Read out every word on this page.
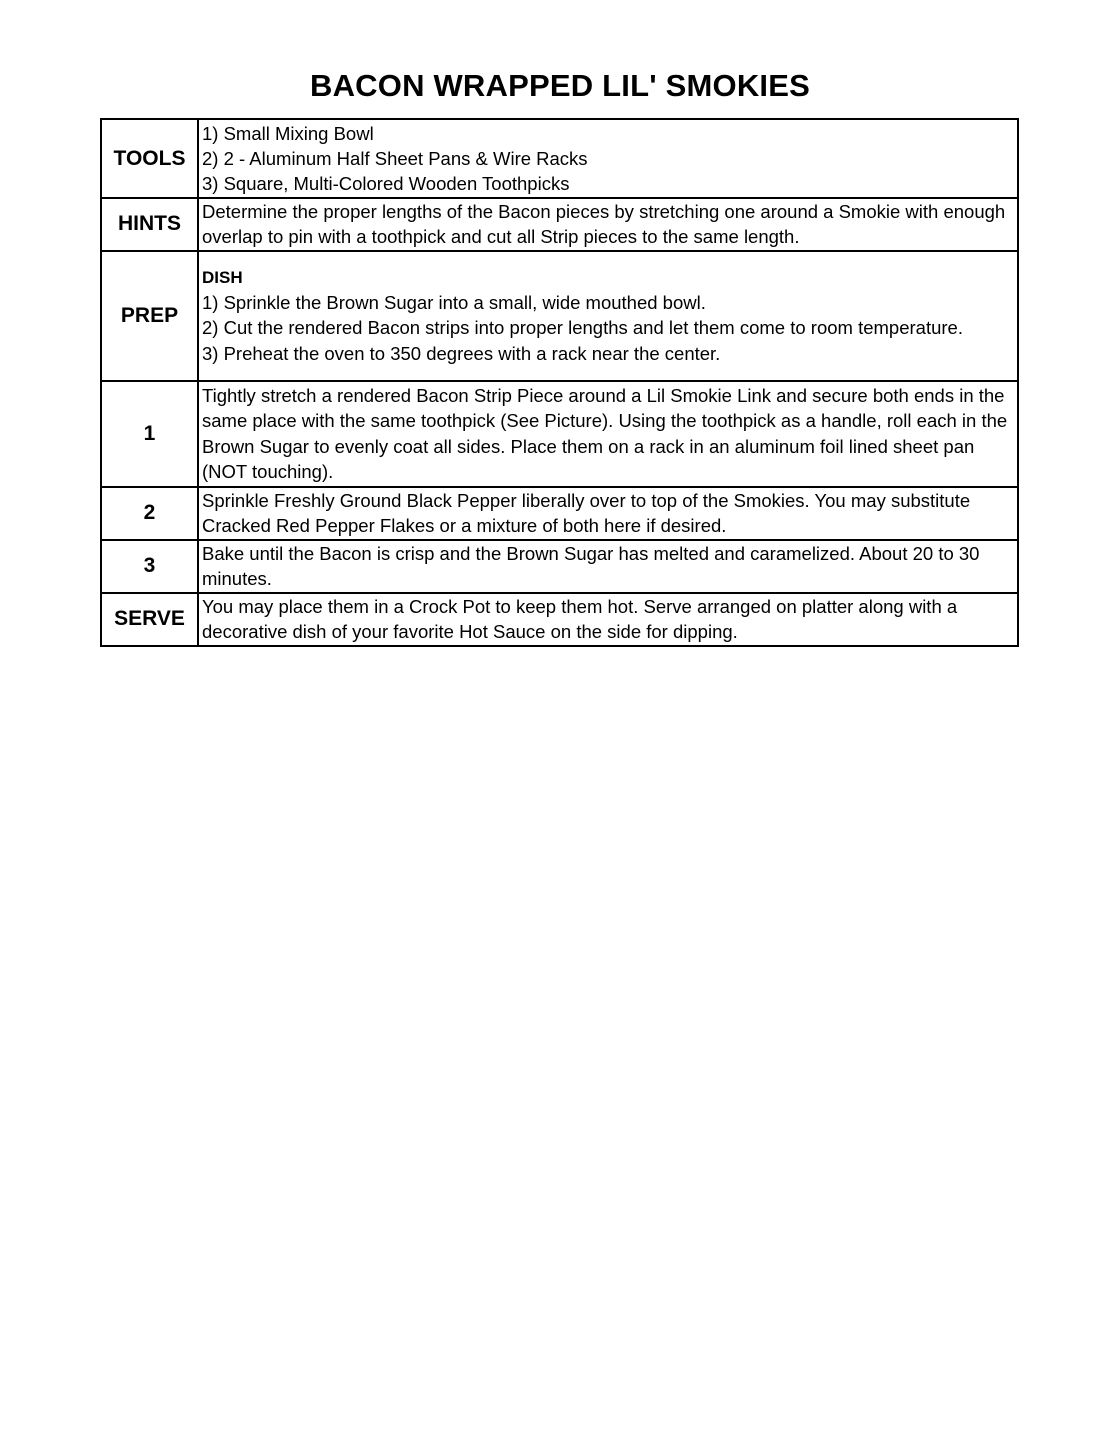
BACON WRAPPED LIL' SMOKIES
TOOLS	1) Small Mixing Bowl
2) 2 - Aluminum Half Sheet Pans & Wire Racks
3) Square, Multi-Colored Wooden Toothpicks

HINTS	Determine the proper lengths of the Bacon pieces by stretching one around a Smokie with enough overlap to pin with a toothpick and cut all Strip pieces to the same length.
PREP	DISH
1) Sprinkle the Brown Sugar into a small, wide mouthed bowl.
2) Cut the rendered Bacon strips into proper lengths and let them come to room temperature.
3) Preheat the oven to 350 degrees with a rack near the center.

1	Tightly stretch a rendered Bacon Strip Piece around a Lil Smokie Link and secure both ends in the same place with the same toothpick (See Picture). Using the toothpick as a handle, roll each in the Brown Sugar to evenly coat all sides. Place them on a rack in an aluminum foil lined sheet pan (NOT touching).
2	Sprinkle Freshly Ground Black Pepper liberally over to top of the Smokies. You may substitute Cracked Red Pepper Flakes or a mixture of both here if desired.
3	Bake until the Bacon is crisp and the Brown Sugar has melted and caramelized. About 20 to 30 minutes.
SERVE	You may place them in a Crock Pot to keep them hot. Serve arranged on platter along with a decorative dish of your favorite Hot Sauce on the side for dipping.
